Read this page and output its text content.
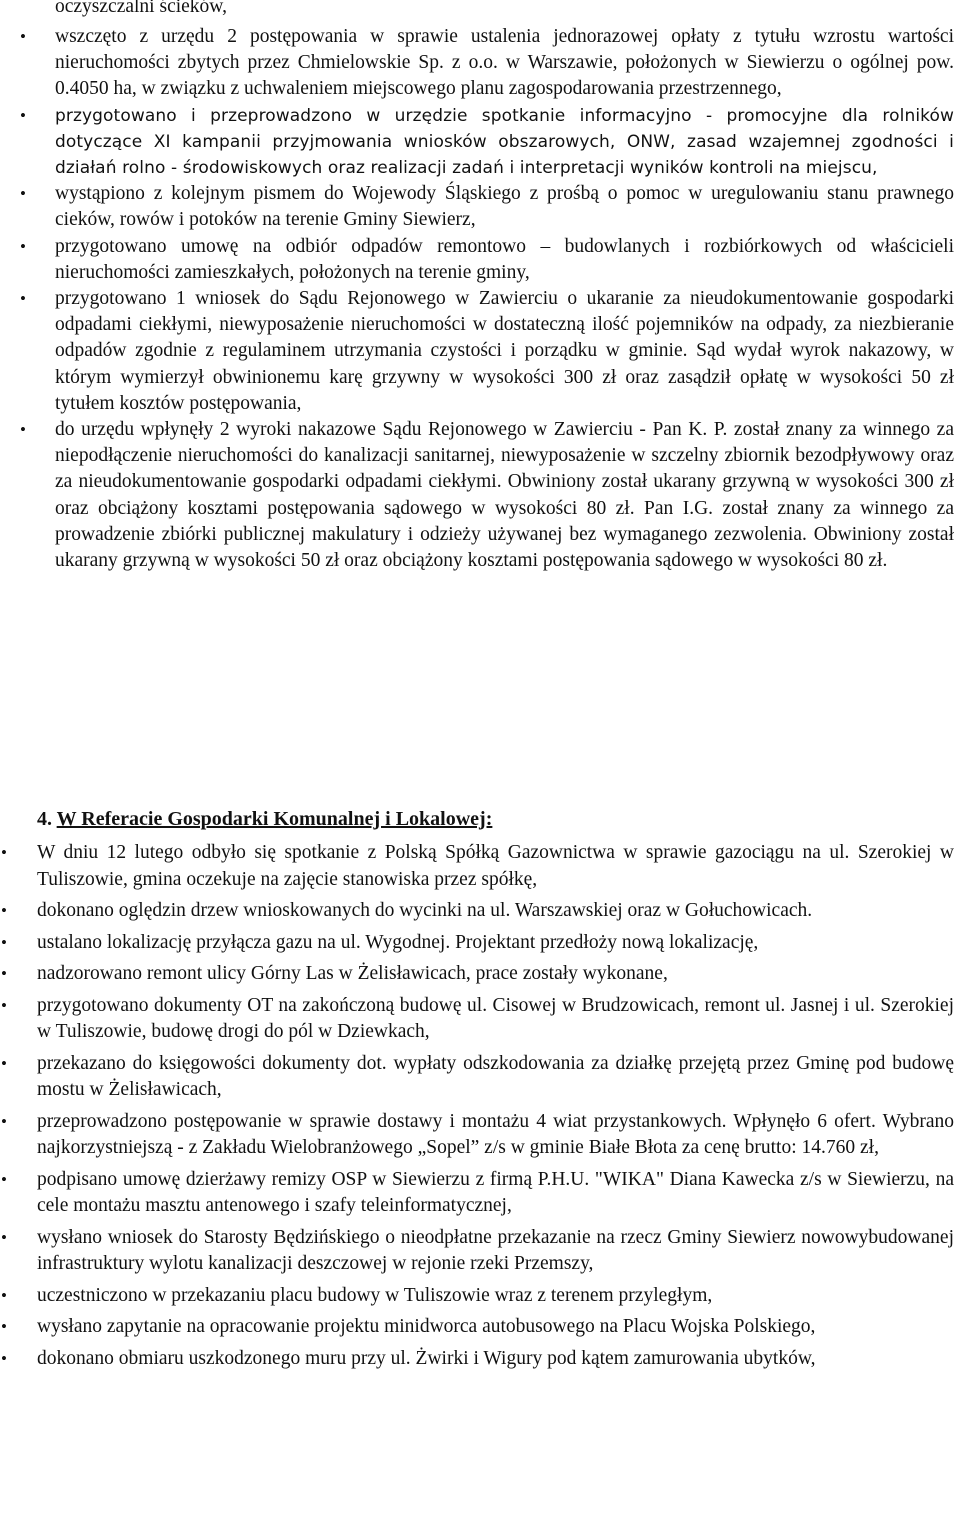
oczyszczalni ścieków,

• wszczęto z urzędu 2 postępowania w sprawie ustalenia jednorazowej opłaty z tytułu wzrostu wartości nieruchomości zbytych przez Chmielowskie Sp. z o.o. w Warszawie, położonych w Siewierzu o ogólnej pow. 0.4050 ha, w związku z uchwaleniem miejscowego planu zagospodarowania przestrzennego,
• przygotowano i przeprowadzono w urzędzie spotkanie informacyjno - promocyjne dla rolników dotyczące XI kampanii przyjmowania wniosków obszarowych, ONW, zasad wzajemnej zgodności i działań rolno - środowiskowych oraz realizacji zadań i interpretacji wyników kontroli na miejscu,
• wystąpiono z kolejnym pismem do Wojewody Śląskiego z prośbą o pomoc w uregulowaniu stanu prawnego cieków, rowów i potoków na terenie Gminy Siewierz,
• przygotowano umowę na odbiór odpadów remontowo – budowlanych i rozbiórkowych od właścicieli nieruchomości zamieszkałych, położonych na terenie gminy,
• przygotowano 1 wniosek do Sądu Rejonowego w Zawierciu o ukaranie za nieudokumentowanie gospodarki odpadami ciekłymi, niewyposażenie nieruchomości w dostateczną ilość pojemników na odpady, za niezbieranie odpadów zgodnie z regulaminem utrzymania czystości i porządku w gminie. Sąd wydał wyrok nakazowy, w którym wymierzył obwinionemu karę grzywny w wysokości 300 zł oraz zasądził opłatę w wysokości 50 zł tytułem kosztów postępowania,
• do urzędu wpłynęły 2 wyroki nakazowe Sądu Rejonowego w Zawierciu - Pan K. P. został znany za winnego za niepodłączenie nieruchomości do kanalizacji sanitarnej, niewyposażenie w szczelny zbiornik bezodpływowy oraz za nieudokumentowanie gospodarki odpadami ciekłymi. Obwiniony został ukarany grzywną w wysokości 300 zł oraz obciążony kosztami postępowania sądowego w wysokości 80 zł. Pan I.G. został znany za winnego za prowadzenie zbiórki publicznej makulatury i odzieży używanej bez wymaganego zezwolenia. Obwiniony został ukarany grzywną w wysokości 50 zł oraz obciążony kosztami postępowania sądowego w wysokości 80 zł.

4. W Referacie Gospodarki Komunalnej i Lokalowej:

• W dniu 12 lutego odbyło się spotkanie z Polską Spółką Gazownictwa w sprawie gazociągu na ul. Szerokiej w Tuliszowie, gmina oczekuje na zajęcie stanowiska przez spółkę,
• dokonano oględzin drzew wnioskowanych do wycinki na ul. Warszawskiej oraz w Gołuchowicach.
• ustalano lokalizację przyłącza gazu na ul. Wygodnej. Projektant przedłoży nową lokalizację,
• nadzorowano remont ulicy Górny Las w Żelisławicach, prace zostały wykonane,
• przygotowano dokumenty OT na zakończoną budowę ul. Cisowej w Brudzowicach, remont ul. Jasnej i ul. Szerokiej w Tuliszowie, budowę drogi do pól w Dziewkach,
• przekazano do księgowości dokumenty dot. wypłaty odszkodowania za działkę przejętą przez Gminę pod budowę mostu w Żelisławicach,
• przeprowadzono postępowanie w sprawie dostawy i montażu 4 wiat przystankowych. Wpłynęło 6 ofert. Wybrano najkorzystniejszą - z Zakładu Wielobranżowego „Sopel” z/s w gminie Białe Błota za cenę brutto: 14.760 zł,
• podpisano umowę dzierżawy remizy OSP w Siewierzu z firmą P.H.U. "WIKA" Diana Kawecka z/s w Siewierzu, na cele montażu masztu antenowego i szafy teleinformatycznej,
• wysłano wniosek do Starosty Będzińskiego o nieodpłatne przekazanie na rzecz Gminy Siewierz nowowybudowanej infrastruktury wylotu kanalizacji deszczowej w rejonie rzeki Przemszy,
• uczestniczono w przekazaniu placu budowy w Tuliszowie wraz z terenem przyległym,
• wysłano zapytanie na opracowanie projektu minidworca autobusowego na Placu Wojska Polskiego,
• dokonano obmiaru uszkodzonego muru przy ul. Żwirki i Wigury pod kątem zamurowania ubytków,
